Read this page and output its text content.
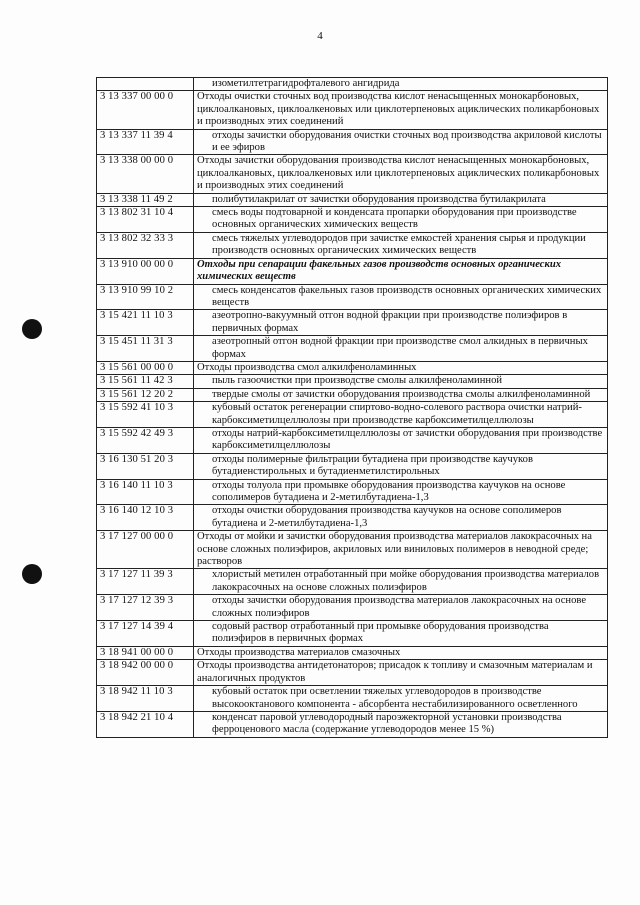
4
	изометилтетрагидрофталевого ангидрида
3 13 337 00 00 0	Отходы очистки сточных вод производства кислот ненасыщенных монокарбоновых, циклоалкановых, циклоалкеновых или циклотерпеновых ациклических поликарбоновых и производных этих соединений
3 13 337 11 39 4	отходы зачистки оборудования очистки сточных вод производства акриловой кислоты и ее эфиров
3 13 338 00 00 0	Отходы зачистки оборудования производства кислот ненасыщенных монокарбоновых, циклоалкановых, циклоалкеновых или циклотерпеновых ациклических поликарбоновых и производных этих соединений
3 13 338 11 49 2	полибутилакрилат от зачистки оборудования производства бутилакрилата
3 13 802 31 10 4	смесь воды подтоварной и конденсата пропарки оборудования при производстве основных органических химических веществ
3 13 802 32 33 3	смесь тяжелых углеводородов при зачистке емкостей хранения сырья и продукции производств основных органических химических веществ
3 13 910 00 00 0	Отходы при сепарации факельных газов производств основных органических химических веществ
3 13 910 99 10 2	смесь конденсатов факельных газов производств основных органических химических веществ
3 15 421 11 10 3	азеотропно-вакуумный отгон водной фракции при производстве полиэфиров в первичных формах
3 15 451 11 31 3	азеотропный отгон водной фракции при производстве смол алкидных в первичных формах
3 15 561 00 00 0	Отходы производства смол алкилфеноламинных
3 15 561 11 42 3	пыль газоочистки при производстве смолы алкилфеноламинной
3 15 561 12 20 2	твердые смолы от зачистки оборудования производства смолы алкилфеноламинной
3 15 592 41 10 3	кубовый остаток регенерации спиртово-водно-солевого раствора очистки натрий-карбоксиметилцеллюлозы при производстве карбоксиметилцеллюлозы
3 15 592 42 49 3	отходы натрий-карбоксиметилцеллюлозы от зачистки оборудования при производстве карбоксиметилцеллюлозы
3 16 130 51 20 3	отходы полимерные фильтрации бутадиена при производстве каучуков бутадиенстирольных и бутадиенметилстирольных
3 16 140 11 10 3	отходы толуола при промывке оборудования производства каучуков на основе сополимеров бутадиена и 2-метилбутадиена-1,3
3 16 140 12 10 3	отходы очистки оборудования производства каучуков на основе сополимеров бутадиена и 2-метилбутадиена-1,3
3 17 127 00 00 0	Отходы от мойки и зачистки оборудования производства материалов лакокрасочных на основе сложных полиэфиров, акриловых или виниловых полимеров в неводной среде; растворов
3 17 127 11 39 3	хлористый метилен отработанный при мойке оборудования производства материалов лакокрасочных на основе сложных полиэфиров
3 17 127 12 39 3	отходы зачистки оборудования производства материалов лакокрасочных на основе сложных полиэфиров
3 17 127 14 39 4	содовый раствор отработанный при промывке оборудования производства полиэфиров в первичных формах
3 18 941 00 00 0	Отходы производства материалов смазочных
3 18 942 00 00 0	Отходы производства антидетонаторов; присадок к топливу и смазочным материалам и аналогичных продуктов
3 18 942 11 10 3	кубовый остаток при осветлении тяжелых углеводородов в производстве высокооктанового компонента - абсорбента нестабилизированного осветленного
3 18 942 21 10 4	конденсат паровой углеводородный пароэжекторной установки производства ферроценового масла (содержание углеводородов менее 15 %)
